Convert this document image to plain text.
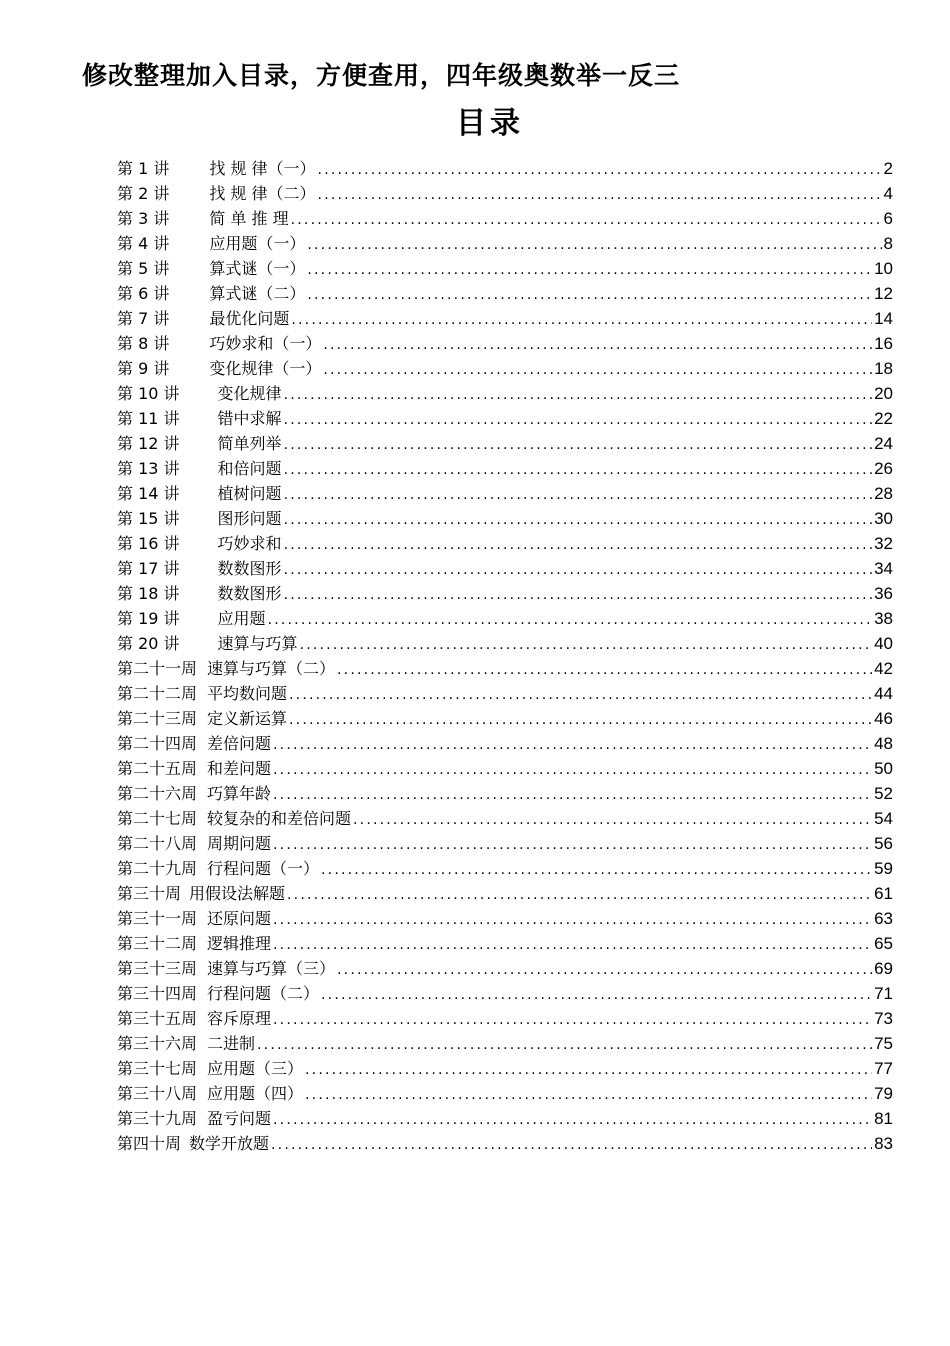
修改整理加入目录，方便查用，四年级奥数举一反三
目录
第 1 讲	找 规 律（一） .....	2
第 2 讲	找 规 律（二） .....	4
第 3 讲	简 单 推 理 .....	6
第 4 讲	应用题（一） .....	8
第 5 讲	算式谜（一） .....	10
第 6 讲	算式谜（二） .....	12
第 7 讲	最优化问题 .....	14
第 8 讲	巧妙求和（一） .....	16
第 9 讲	变化规律（一） .....	18
第 10 讲 变化规律 .....	20
第 11 讲 错中求解 .....	22
第 12 讲 简单列举 .....	24
第 13 讲 和倍问题 .....	26
第 14 讲 植树问题 .....	28
第 15 讲 图形问题 .....	30
第 16 讲 巧妙求和 .....	32
第 17 讲 数数图形 .....	34
第 18 讲 数数图形 .....	36
第 19 讲 应用题 .....	38
第 20 讲 速算与巧算 .....	40
第二十一周 速算与巧算（二） .....	42
第二十二周 平均数问题 .....	44
第二十三周 定义新运算 .....	46
第二十四周 差倍问题 .....	48
第二十五周 和差问题 .....	50
第二十六周 巧算年龄 .....	52
第二十七周 较复杂的和差倍问题 .....	54
第二十八周 周期问题 .....	56
第二十九周 行程问题（一） .....	59
第三十周 用假设法解题 .....	61
第三十一周 还原问题 .....	63
第三十二周 逻辑推理 .....	65
第三十三周 速算与巧算（三） .....	69
第三十四周 行程问题（二） .....	71
第三十五周 容斥原理 .....	73
第三十六周 二进制 .....	75
第三十七周 应用题（三） .....	77
第三十八周 应用题（四） .....	79
第三十九周 盈亏问题 .....	81
第四十周 数学开放题 .....	83
